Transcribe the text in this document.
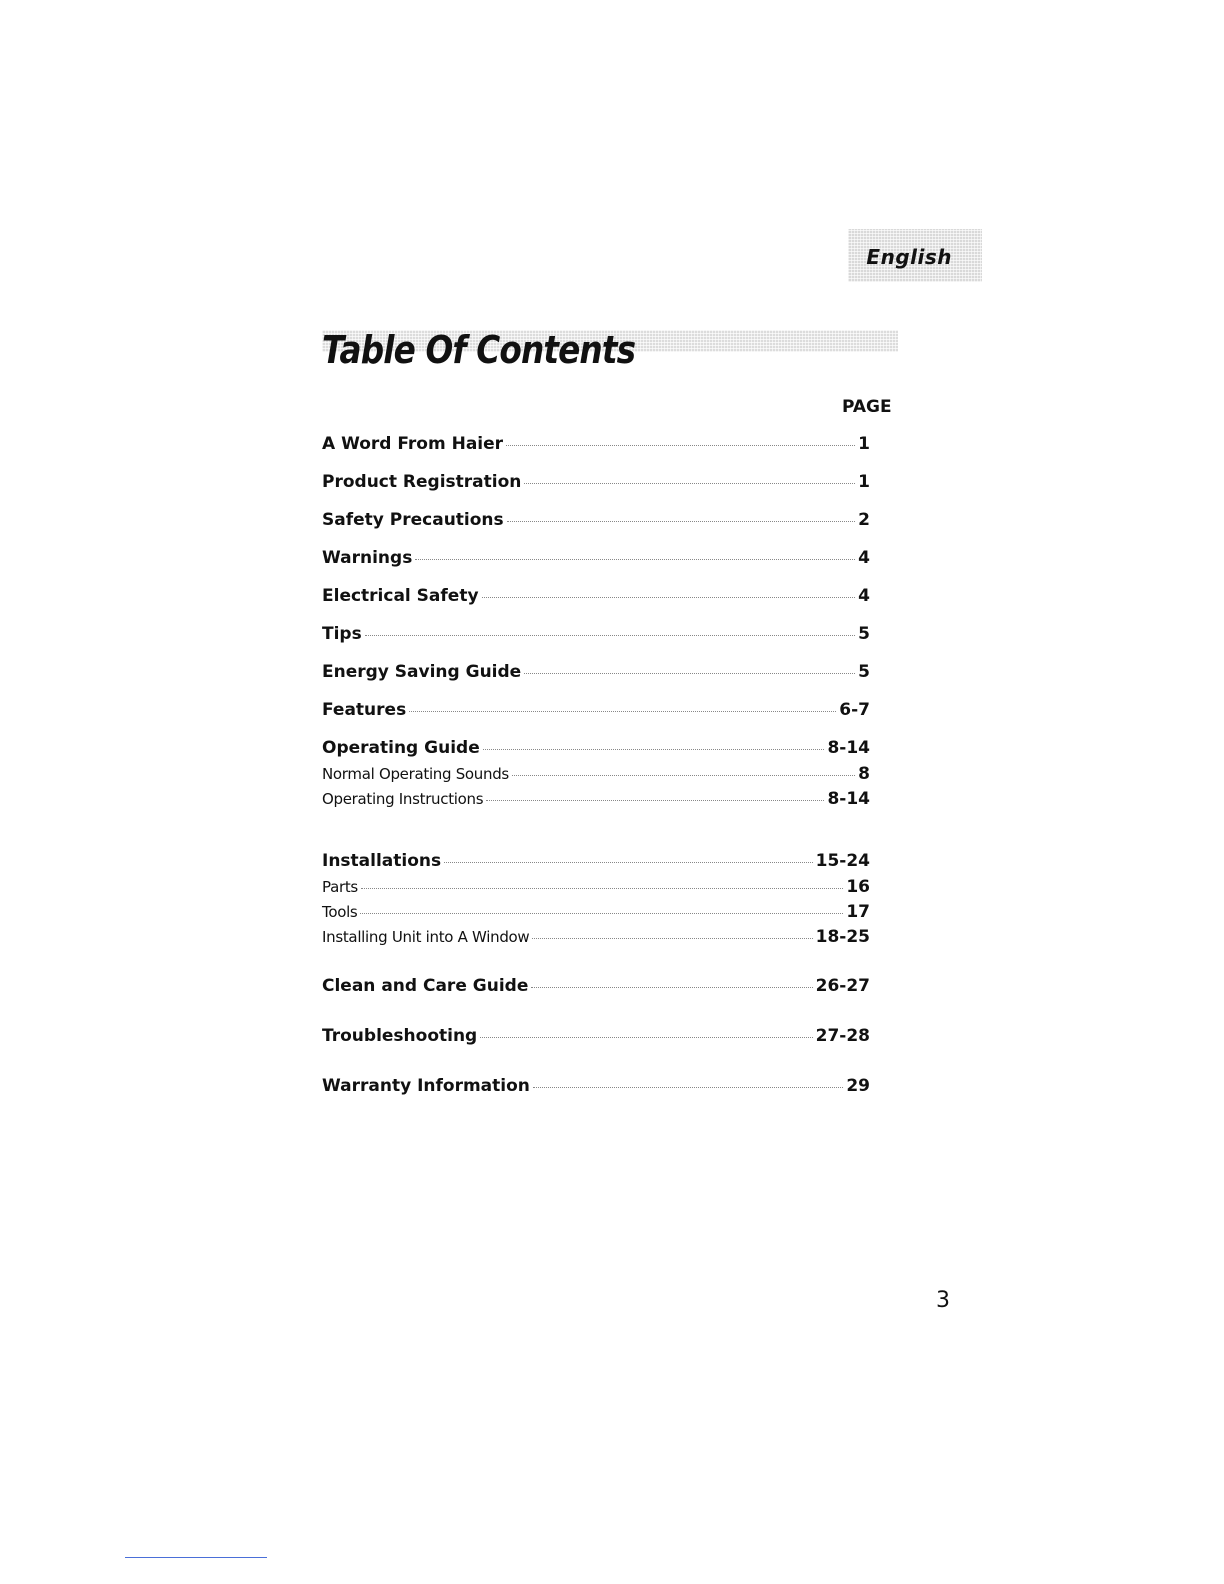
English
Table Of Contents
PAGE
A Word From Haier	1
Product Registration	1
Safety Precautions	2
Warnings	4
Electrical Safety	4
Tips	5
Energy Saving Guide	5
Features	6-7
Operating Guide	8-14
Normal Operating Sounds	8
Operating Instructions	8-14
Installations	15-24
Parts	16
Tools	17
Installing Unit into A Window	18-25
Clean and Care Guide	26-27
Troubleshooting	27-28
Warranty Information	29
3
